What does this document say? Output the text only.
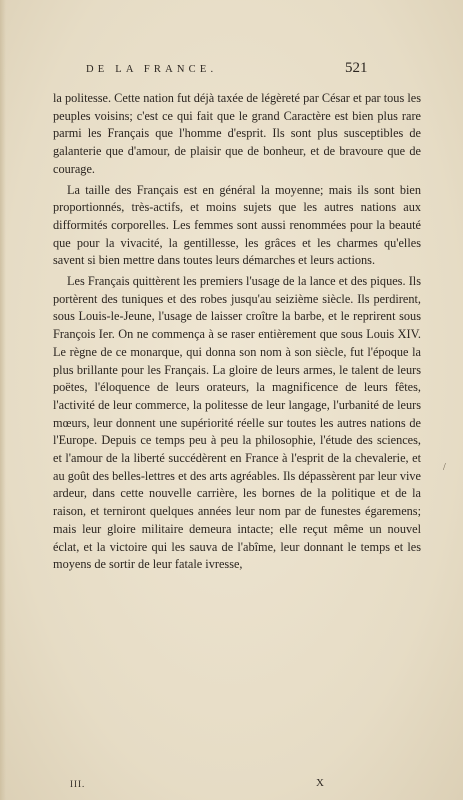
DE LA FRANCE.	521

la politesse. Cette nation fut déjà taxée de légèreté par César et par tous les peuples voisins; c'est ce qui fait que le grand Caractère est bien plus rare parmi les Français que l'homme d'esprit. Ils sont plus susceptibles de galanterie que d'amour, de plaisir que de bonheur, et de bravoure que de courage.

La taille des Français est en général la moyenne; mais ils sont bien proportionnés, très-actifs, et moins sujets que les autres nations aux difformités corporelles. Les femmes sont aussi renommées pour la beauté que pour la vivacité, la gentillesse, les grâces et les charmes qu'elles savent si bien mettre dans toutes leurs démarches et leurs actions.

Les Français quittèrent les premiers l'usage de la lance et des piques. Ils portèrent des tuniques et des robes jusqu'au seizième siècle. Ils perdirent, sous Louis-le-Jeune, l'usage de laisser croître la barbe, et le reprirent sous François Ier. On ne commença à se raser entièrement que sous Louis XIV. Le règne de ce monarque, qui donna son nom à son siècle, fut l'époque la plus brillante pour les Français. La gloire de leurs armes, le talent de leurs poëtes, l'éloquence de leurs orateurs, la magnificence de leurs fêtes, l'activité de leur commerce, la politesse de leur langage, l'urbanité de leurs mœurs, leur donnent une supériorité réelle sur toutes les autres nations de l'Europe. Depuis ce temps peu à peu la philosophie, l'étude des sciences, et l'amour de la liberté succédèrent en France à l'esprit de la chevalerie, et au goût des belles-lettres et des arts agréables. Ils dépassèrent par leur vive ardeur, dans cette nouvelle carrière, les bornes de la politique et de la raison, et terniront quelques années leur nom par de funestes égaremens; mais leur gloire militaire demeura intacte; elle reçut même un nouvel éclat, et la victoire qui les sauva de l'abîme, leur donnant le temps et les moyens de sortir de leur fatale ivresse,

/
III.	X
